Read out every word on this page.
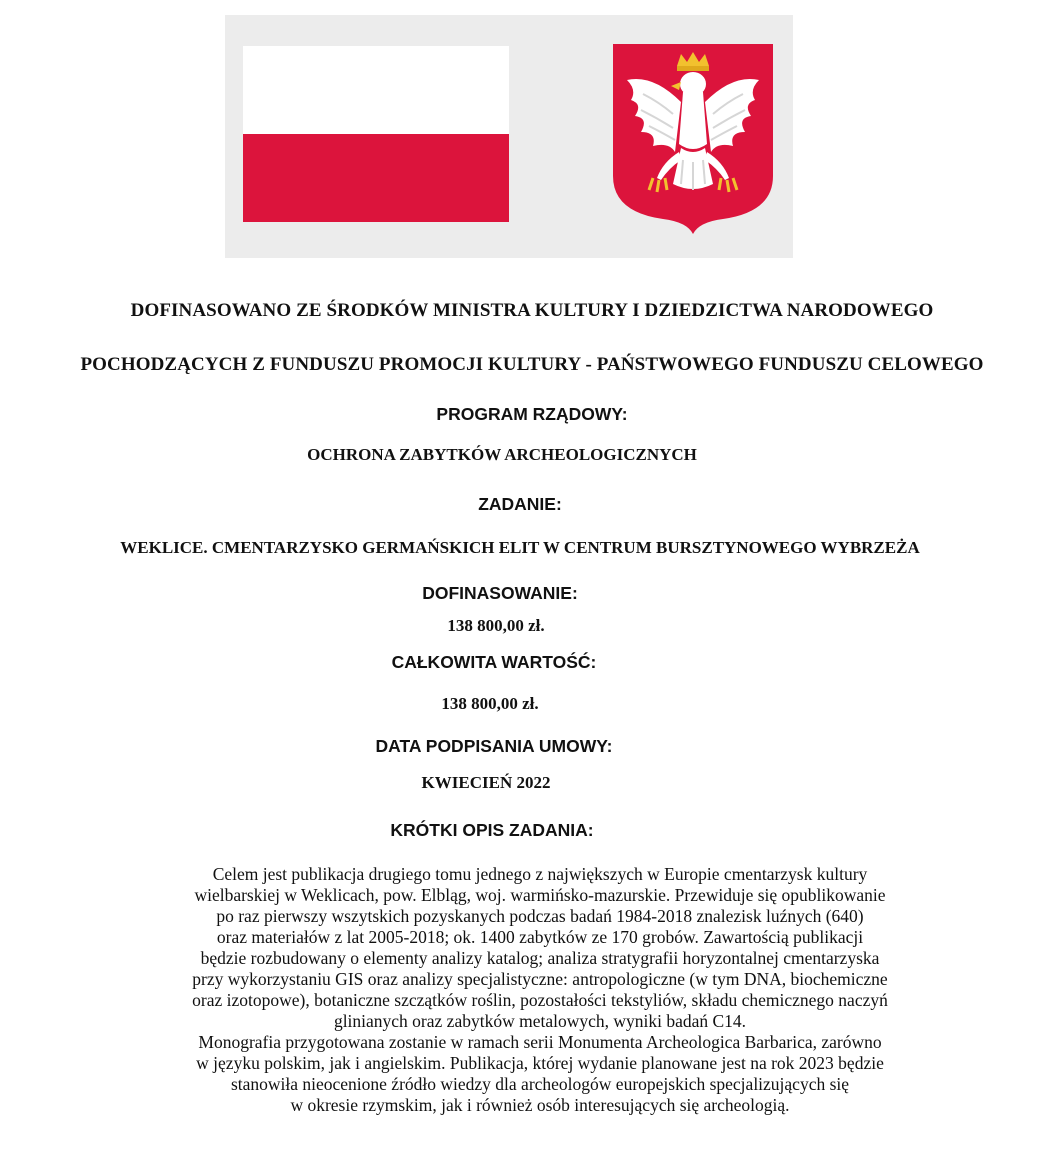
DOFINASOWANO ZE ŚRODKÓW MINISTRA KULTURY I DZIEDZICTWA NARODOWEGO
POCHODZĄCYCH Z FUNDUSZU PROMOCJI KULTURY - PAŃSTWOWEGO FUNDUSZU CELOWEGO
PROGRAM RZĄDOWY:
OCHRONA ZABYTKÓW ARCHEOLOGICZNYCH
ZADANIE:
WEKLICE. CMENTARZYSKO GERMAŃSKICH ELIT W CENTRUM BURSZTYNOWEGO WYBRZEŻA
DOFINASOWANIE:
138 800,00 zł.
CAŁKOWITA WARTOŚĆ:
138 800,00 zł.
DATA PODPISANIA UMOWY:
KWIECIEŃ 2022
KRÓTKI OPIS ZADANIA:
Celem jest publikacja drugiego tomu jednego z największych w Europie cmentarzysk kultury
wielbarskiej w Weklicach, pow. Elbląg, woj. warmińsko-mazurskie. Przewiduje się opublikowanie
po raz pierwszy wszytskich pozyskanych podczas badań 1984-2018 znalezisk luźnych (640)
oraz materiałów z lat 2005-2018; ok. 1400 zabytków ze 170 grobów. Zawartością publikacji
będzie rozbudowany o elementy analizy katalog; analiza stratygrafii horyzontalnej cmentarzyska
przy wykorzystaniu GIS oraz analizy specjalistyczne: antropologiczne (w tym DNA, biochemiczne
oraz izotopowe), botaniczne szczątków roślin, pozostałości tekstyliów, składu chemicznego naczyń
glinianych oraz zabytków metalowych, wyniki badań C14.
Monografia przygotowana zostanie w ramach serii Monumenta Archeologica Barbarica, zarówno
w języku polskim, jak i angielskim. Publikacja, której wydanie planowane jest na rok 2023 będzie
stanowiła nieocenione źródło wiedzy dla archeologów europejskich specjalizujących się
w okresie rzymskim, jak i również osób interesujących się archeologią.
